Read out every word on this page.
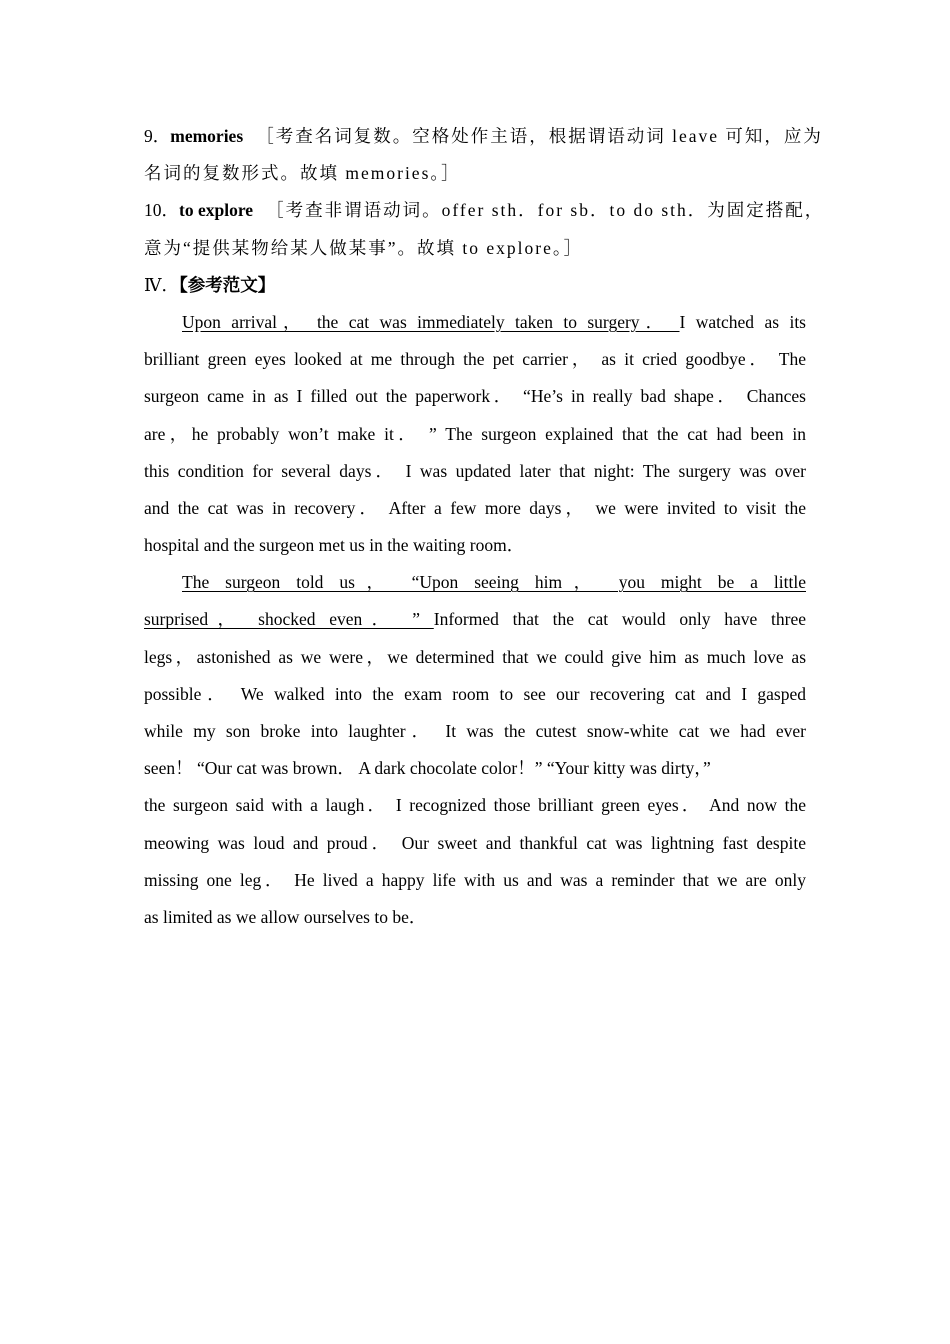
9．memories ［考查名词复数。空格处作主语，根据谓语动词 leave 可知，应为
名词的复数形式。故填 memories。］
10．to explore ［考查非谓语动词。offer sth．for sb．to do sth．为固定搭配，
意为“提供某物给某人做某事”。故填 to explore。］
Ⅳ．【参考范文】
Upon arrival， the cat was immediately taken to surgery． I watched as its
brilliant green eyes looked at me through the pet carrier， as it cried goodbye． The
surgeon came in as I filled out the paperwork． “He’s in really bad shape． Chances
are，he probably won’t make it． ” The surgeon explained that the cat had been in
this condition for several days． I was updated later that night: The surgery was over
and the cat was in recovery． After a few more days， we were invited to visit the
hospital and the surgeon met us in the waiting room．
The surgeon told us， “Upon seeing him， you might be a little
surprised， shocked even． ” Informed that the cat would only have three
legs，astonished as we were，we determined that we could give him as much love as
possible． We walked into the exam room to see our recovering cat and I gasped
while my son broke into laughter． It was the cutest snow-white cat we had ever
seen！ “Our cat was brown． A dark chocolate color！” “Your kitty was dirty，”
the surgeon said with a laugh． I recognized those brilliant green eyes． And now the
meowing was loud and proud． Our sweet and thankful cat was lightning fast despite
missing one leg． He lived a happy life with us and was a reminder that we are only
as limited as we allow ourselves to be．
